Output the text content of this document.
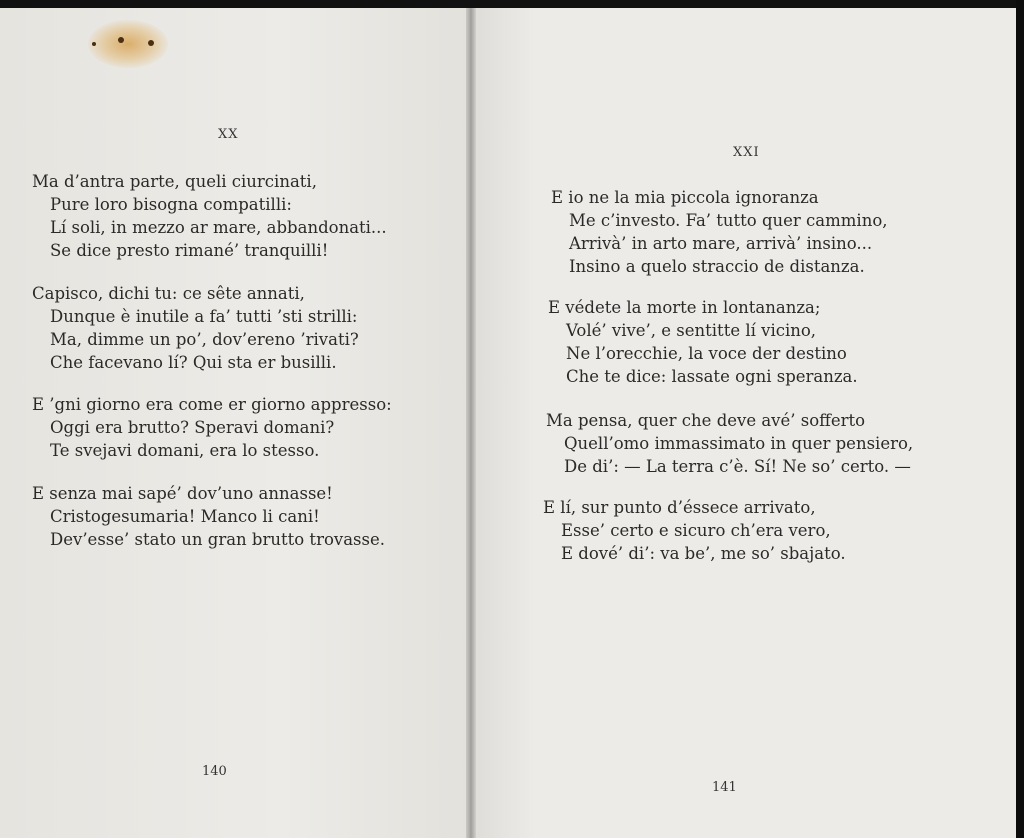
XX
Ma d’antra parte, queli ciurcinati,
Pure loro bisogna compatilli:
Lí soli, in mezzo ar mare, abbandonati...
Se dice presto rimané’ tranquilli!
Capisco, dichi tu: ce sête annati,
Dunque è inutile a fa’ tutti ’sti strilli:
Ma, dimme un po’, dov’ereno ’rivati?
Che facevano lí? Qui sta er busilli.
E ’gni giorno era come er giorno appresso:
Oggi era brutto? Speravi domani?
Te svejavi domani, era lo stesso.
E senza mai sapé’ dov’uno annasse!
Cristogesumaria! Manco li cani!
Dev’esse’ stato un gran brutto trovasse.
140
XXI
E io ne la mia piccola ignoranza
Me c’investo. Fa’ tutto quer cammino,
Arrivà’ in arto mare, arrivà’ insino...
Insino a quelo straccio de distanza.
E védete la morte in lontananza;
Volé’ vive’, e sentitte lí vicino,
Ne l’orecchie, la voce der destino
Che te dice: lassate ogni speranza.
Ma pensa, quer che deve avé’ sofferto
Quell’omo immassimato in quer pensiero,
De di’: — La terra c’è. Sí! Ne so’ certo. —
E lí, sur punto d’éssece arrivato,
Esse’ certo e sicuro ch’era vero,
E dové’ di’: va be’, me so’ sbajato.
141
